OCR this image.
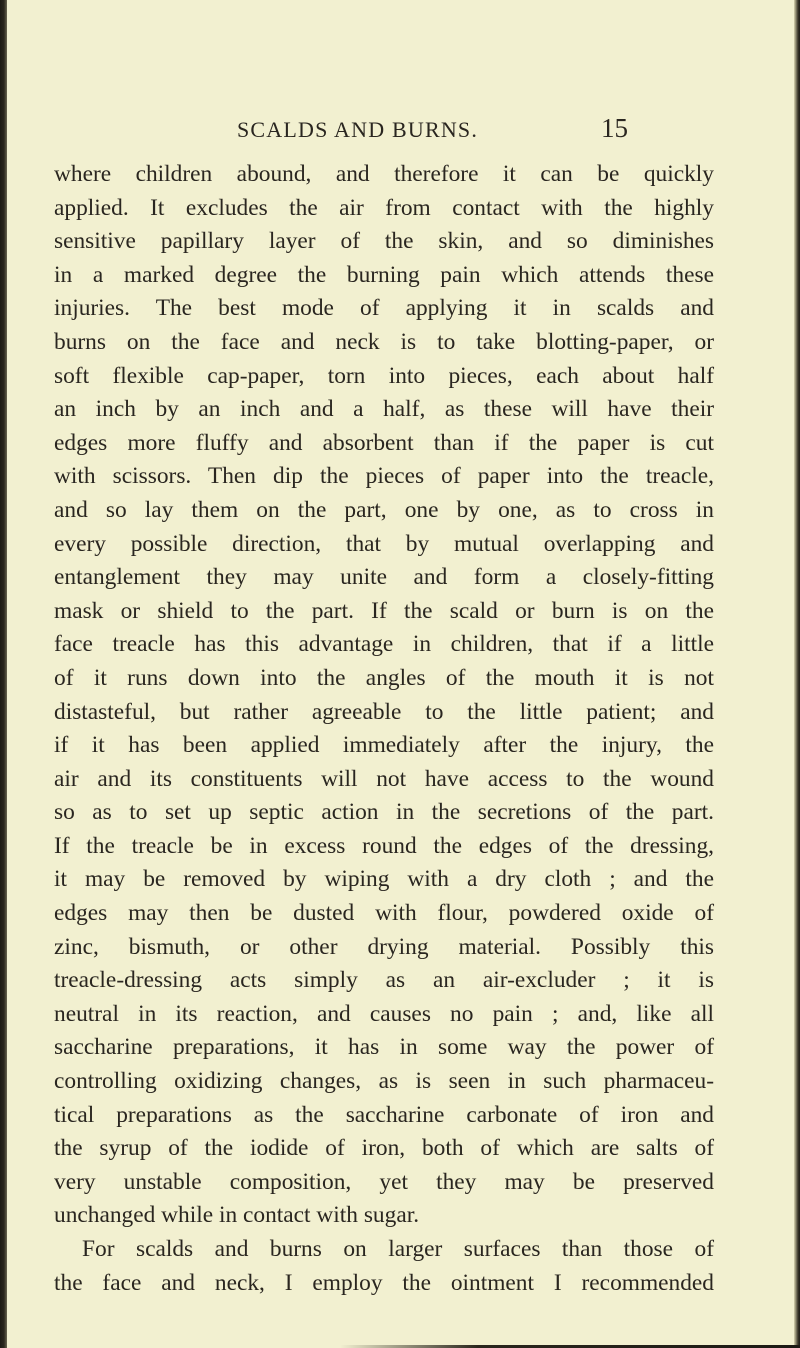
SCALDS AND BURNS.	15
where children abound, and therefore it can be quickly
applied. It excludes the air from contact with the highly
sensitive papillary layer of the skin, and so diminishes
in a marked degree the burning pain which attends these
injuries. The best mode of applying it in scalds and
burns on the face and neck is to take blotting-paper, or
soft flexible cap-paper, torn into pieces, each about half
an inch by an inch and a half, as these will have their
edges more fluffy and absorbent than if the paper is cut
with scissors. Then dip the pieces of paper into the treacle,
and so lay them on the part, one by one, as to cross in
every possible direction, that by mutual overlapping and
entanglement they may unite and form a closely-fitting
mask or shield to the part. If the scald or burn is on the
face treacle has this advantage in children, that if a little
of it runs down into the angles of the mouth it is not
distasteful, but rather agreeable to the little patient; and
if it has been applied immediately after the injury, the
air and its constituents will not have access to the wound
so as to set up septic action in the secretions of the part.
If the treacle be in excess round the edges of the dressing,
it may be removed by wiping with a dry cloth ; and the
edges may then be dusted with flour, powdered oxide of
zinc, bismuth, or other drying material. Possibly this
treacle-dressing acts simply as an air-excluder ; it is
neutral in its reaction, and causes no pain ; and, like all
saccharine preparations, it has in some way the power of
controlling oxidizing changes, as is seen in such pharmaceu-
tical preparations as the saccharine carbonate of iron and
the syrup of the iodide of iron, both of which are salts of
very unstable composition, yet they may be preserved
unchanged while in contact with sugar.
For scalds and burns on larger surfaces than those of
the face and neck, I employ the ointment I recommended
